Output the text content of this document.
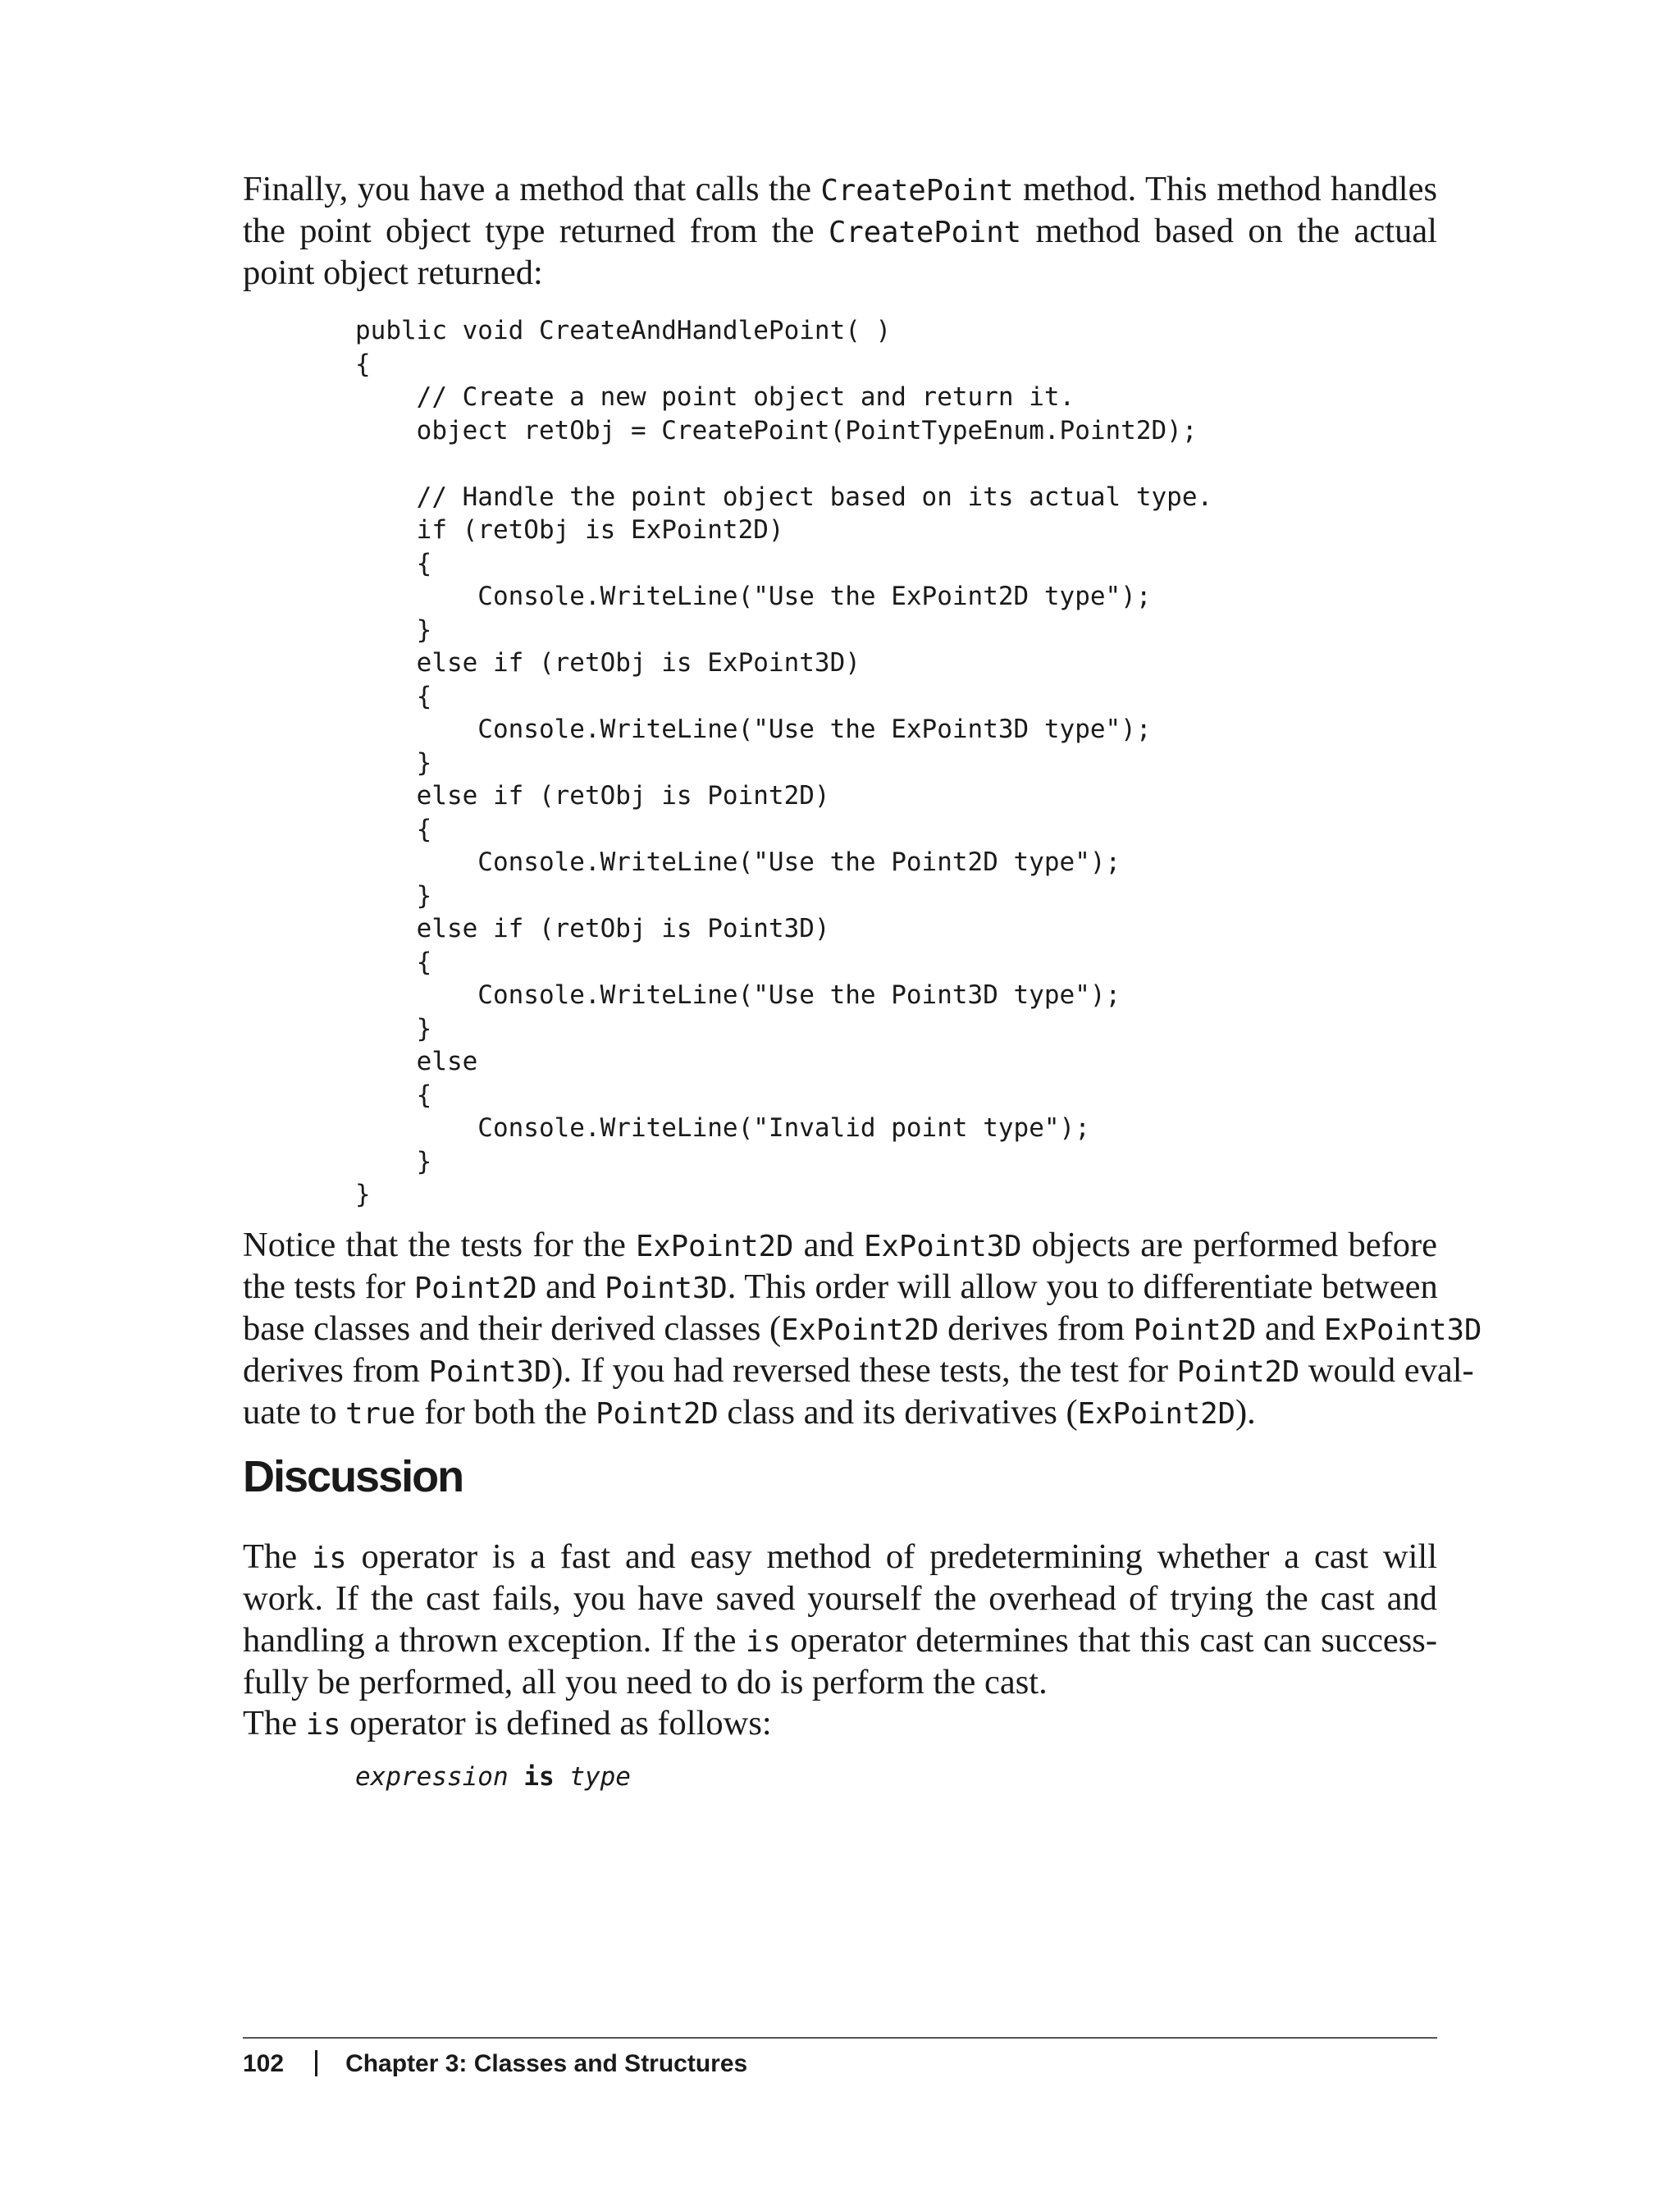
Finally, you have a method that calls the CreatePoint method. This method handles
the point object type returned from the CreatePoint method based on the actual
point object returned:
public void CreateAndHandlePoint( )
{
// Create a new point object and return it.
object retObj = CreatePoint(PointTypeEnum.Point2D);

// Handle the point object based on its actual type.
if (retObj is ExPoint2D)
{
Console.WriteLine("Use the ExPoint2D type");
}
else if (retObj is ExPoint3D)
{
Console.WriteLine("Use the ExPoint3D type");
}
else if (retObj is Point2D)
{
Console.WriteLine("Use the Point2D type");
}
else if (retObj is Point3D)
{
Console.WriteLine("Use the Point3D type");
}
else
{
Console.WriteLine("Invalid point type");
}
}
Notice that the tests for the ExPoint2D and ExPoint3D objects are performed before
the tests for Point2D and Point3D. This order will allow you to differentiate between
base classes and their derived classes (ExPoint2D derives from Point2D and ExPoint3D
derives from Point3D). If you had reversed these tests, the test for Point2D would eval-
uate to true for both the Point2D class and its derivatives (ExPoint2D).
Discussion
The is operator is a fast and easy method of predetermining whether a cast will
work. If the cast fails, you have saved yourself the overhead of trying the cast and
handling a thrown exception. If the is operator determines that this cast can success-
fully be performed, all you need to do is perform the cast.
The is operator is defined as follows:
expression is type
102	Chapter 3: Classes and Structures
